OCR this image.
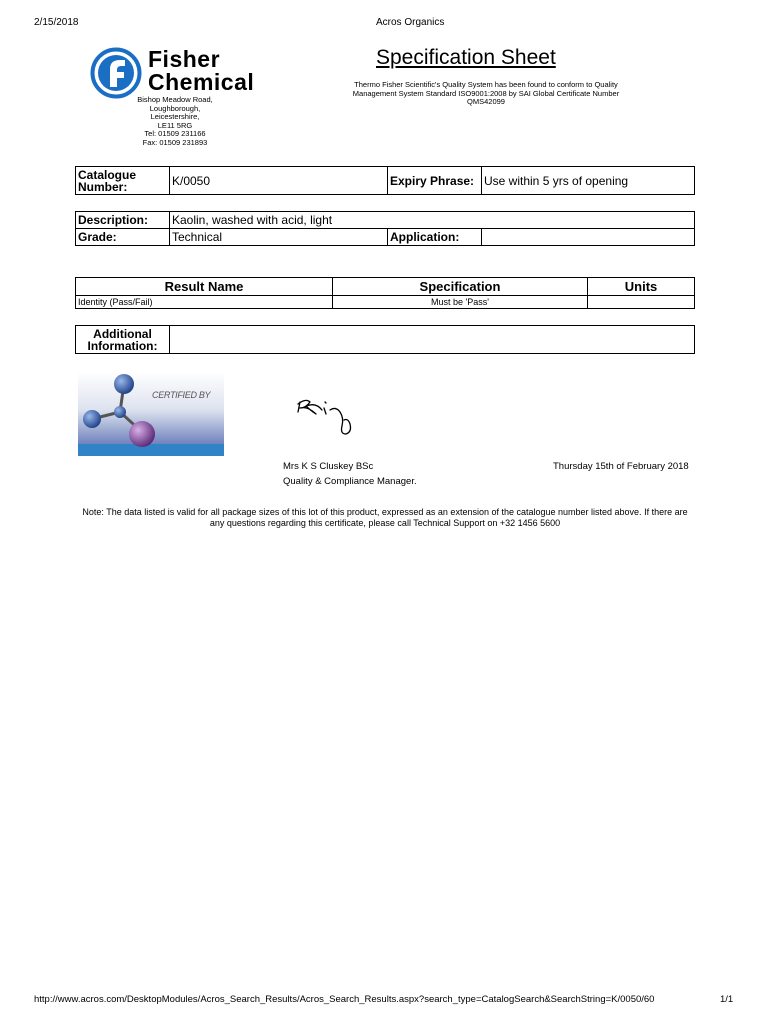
2/15/2018	Acros Organics
Fisher
Chemical
Bishop Meadow Road,
Loughborough,
Leicestershire,
LE11 5RG
Tel: 01509 231166
Fax: 01509 231893
Specification Sheet
Thermo Fisher Scientific's Quality System has been found to conform to Quality Management System Standard ISO9001:2008 by SAI Global Certificate Number QMS42099
Catalogue Number:	K/0050	Expiry Phrase:	Use within 5 yrs of opening
Description:	Kaolin, washed with acid, light		
Grade:	Technical	Application:	
Result Name	Specification	Units
Identity (Pass/Fail)	Must be 'Pass'	
Additional Information:	
CERTIFIED BY
Mrs K S Cluskey BSc
Quality & Compliance Manager.
Thursday 15th of February 2018
Note: The data listed is valid for all package sizes of this lot of this product, expressed as an extension of the catalogue number listed above. If there are any questions regarding this certificate, please call Technical Support on +32 1456 5600
http://www.acros.com/DesktopModules/Acros_Search_Results/Acros_Search_Results.aspx?search_type=CatalogSearch&SearchString=K/0050/60	1/1
